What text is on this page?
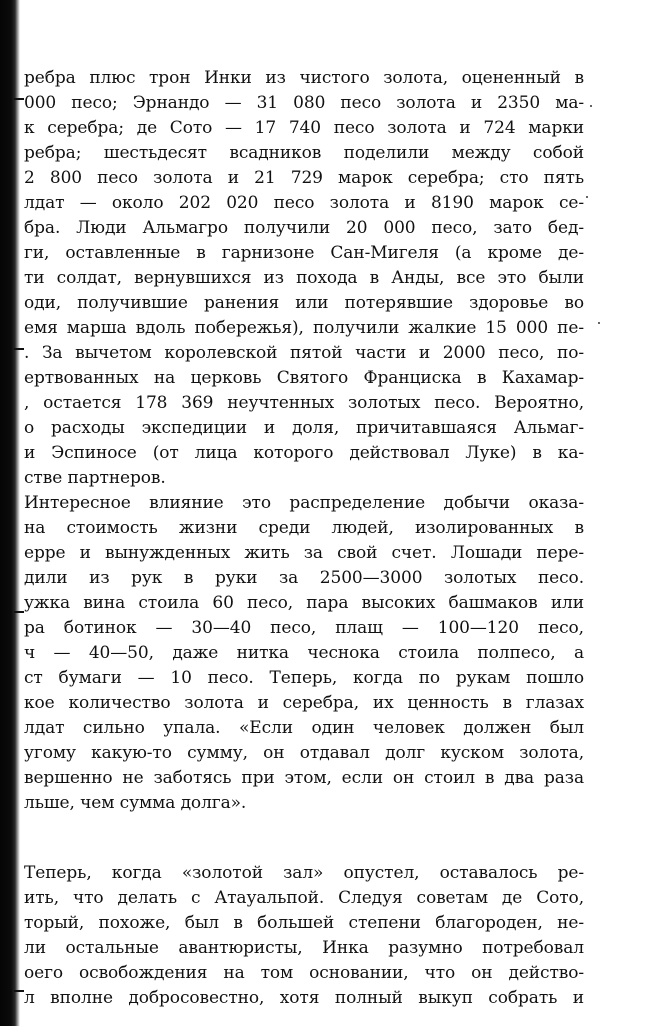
ребра плюс трон Инки из чистого золота, оцененный в
000 песо; Эрнандо — 31 080 песо золота и 2350 ма-
к серебра; де Сото — 17 740 песо золота и 724 марки
ребра; шестьдесят всадников поделили между собой
2 800 песо золота и 21 729 марок серебра; сто пять
лдат — около 202 020 песо золота и 8190 марок се-
бра. Люди Альмагро получили 20 000 песо, зато бед-
ги, оставленные в гарнизоне Сан-Мигеля (а кроме де-
ти солдат, вернувшихся из похода в Анды, все это были
оди, получившие ранения или потерявшие здоровье во
емя марша вдоль побережья), получили жалкие 15 000 пе-
. За вычетом королевской пятой части и 2000 песо, по-
ертвованных на церковь Святого Франциска в Кахамар-
, остается 178 369 неучтенных золотых песо. Вероятно,
о расходы экспедиции и доля, причитавшаяся Альмаг-
и Эспиносе (от лица которого действовал Луке) в ка-
стве партнеров.
Интересное влияние это распределение добычи оказа-
на стоимость жизни среди людей, изолированных в
ерре и вынужденных жить за свой счет. Лошади пере-
дили из рук в руки за 2500—3000 золотых песо.
ужка вина стоила 60 песо, пара высоких башмаков или
ра ботинок — 30—40 песо, плащ — 100—120 песо,
ч — 40—50, даже нитка чеснока стоила полпесо, а
ст бумаги — 10 песо. Теперь, когда по рукам пошло
кое количество золота и серебра, их ценность в глазах
лдат сильно упала. «Если один человек должен был
угому какую-то сумму, он отдавал долг куском золота,
вершенно не заботясь при этом, если он стоил в два раза
льше, чем сумма долга».
Теперь, когда «золотой зал» опустел, оставалось ре-
ить, что делать с Атауальпой. Следуя советам де Сото,
торый, похоже, был в большей степени благороден, не-
ли остальные авантюристы, Инка разумно потребовал
оего освобождения на том основании, что он действо-
л вполне добросовестно, хотя полный выкуп собрать и
